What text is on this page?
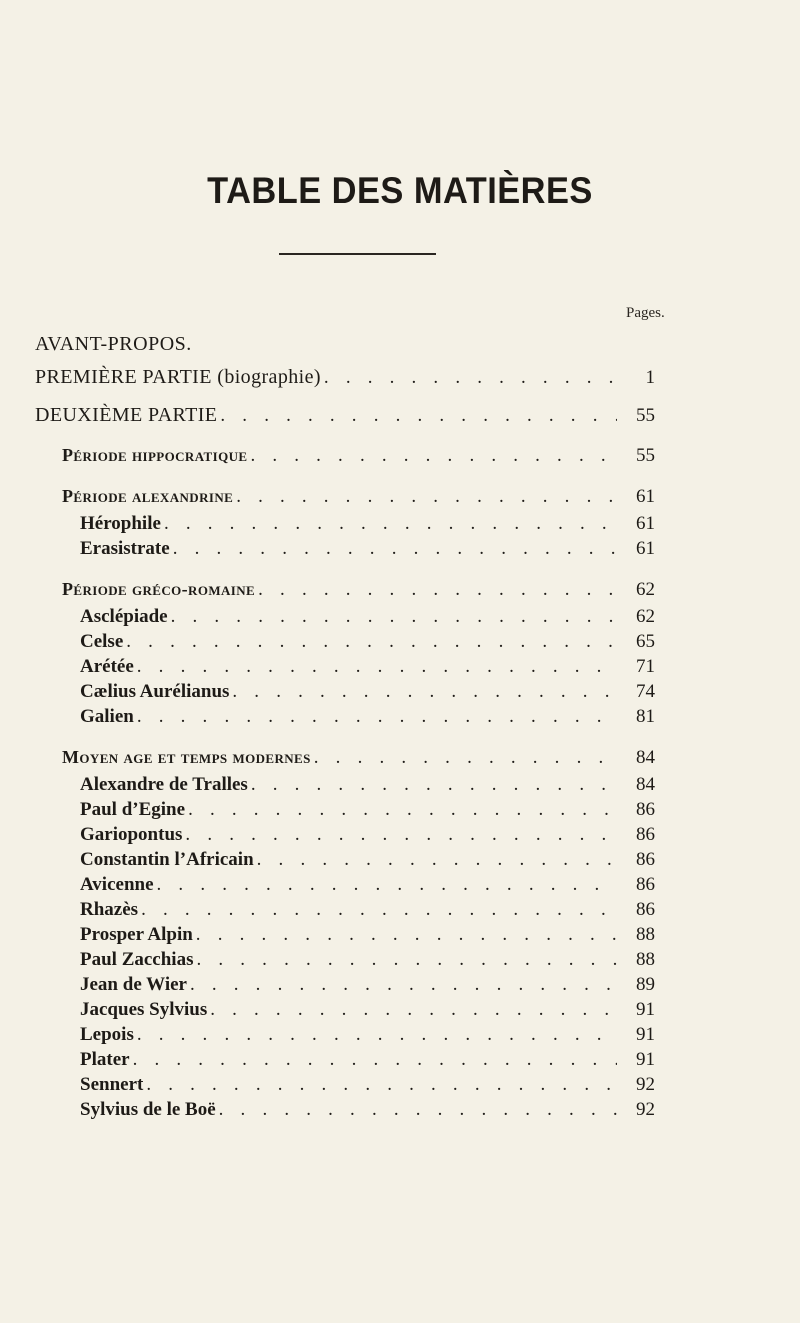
TABLE DES MATIÈRES
Pages.
AVANT-PROPOS.
PREMIÈRE PARTIE (biographie) . . .	1
DEUXIÈME PARTIE . . .	55
Période hippocratique . . .	55
Période alexandrine . . .	61
Hérophile . . .	61
Erasistrate . . .	61
Période gréco-romaine . . .	62
Asclépiade . . .	62
Celse . . .	65
Arétée . . .	71
Cælius Aurélianus . . .	74
Galien . . .	81
Moyen age et temps modernes . . .	84
Alexandre de Tralles . . .	84
Paul d’Egine . . .	86
Gariopontus . . .	86
Constantin l’Africain . . .	86
Avicenne . . .	86
Rhazès . . .	86
Prosper Alpin . . .	88
Paul Zacchias . . .	88
Jean de Wier . . .	89
Jacques Sylvius . . .	91
Lepois . . .	91
Plater . . .	91
Sennert . . .	92
Sylvius de le Boë . . .	92
